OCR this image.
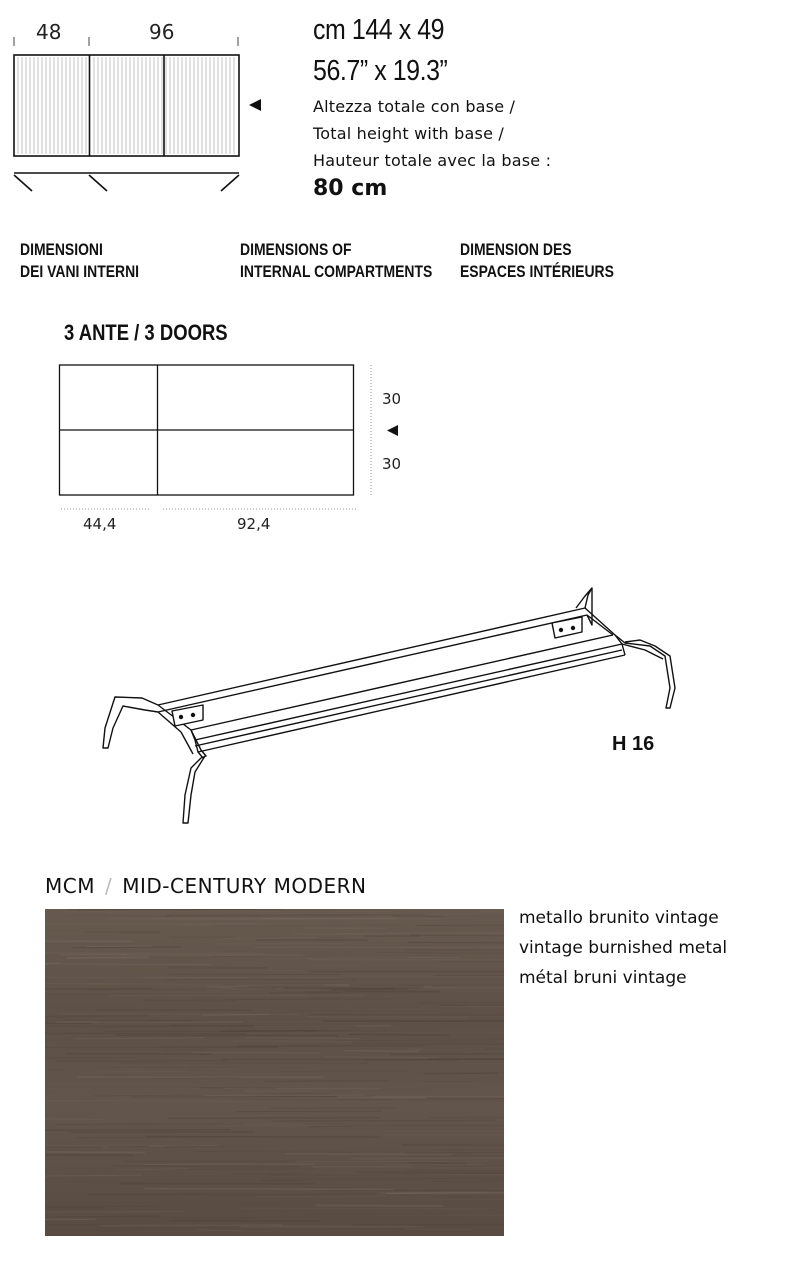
48	96	cm 144 x 49
56.7” x 19.3”
Altezza totale con base /
Total height with base /
Hauteur totale avec la base :
80 cm
DIMENSIONI
DEI VANI INTERNI
DIMENSIONS OF
INTERNAL COMPARTMENTS
DIMENSION DES
ESPACES INTÉRIEURS
3 ANTE / 3 DOORS
30
30
44,4	92,4
H 16
MCM / MID-CENTURY MODERN
metallo brunito vintage
vintage burnished metal
métal bruni vintage
